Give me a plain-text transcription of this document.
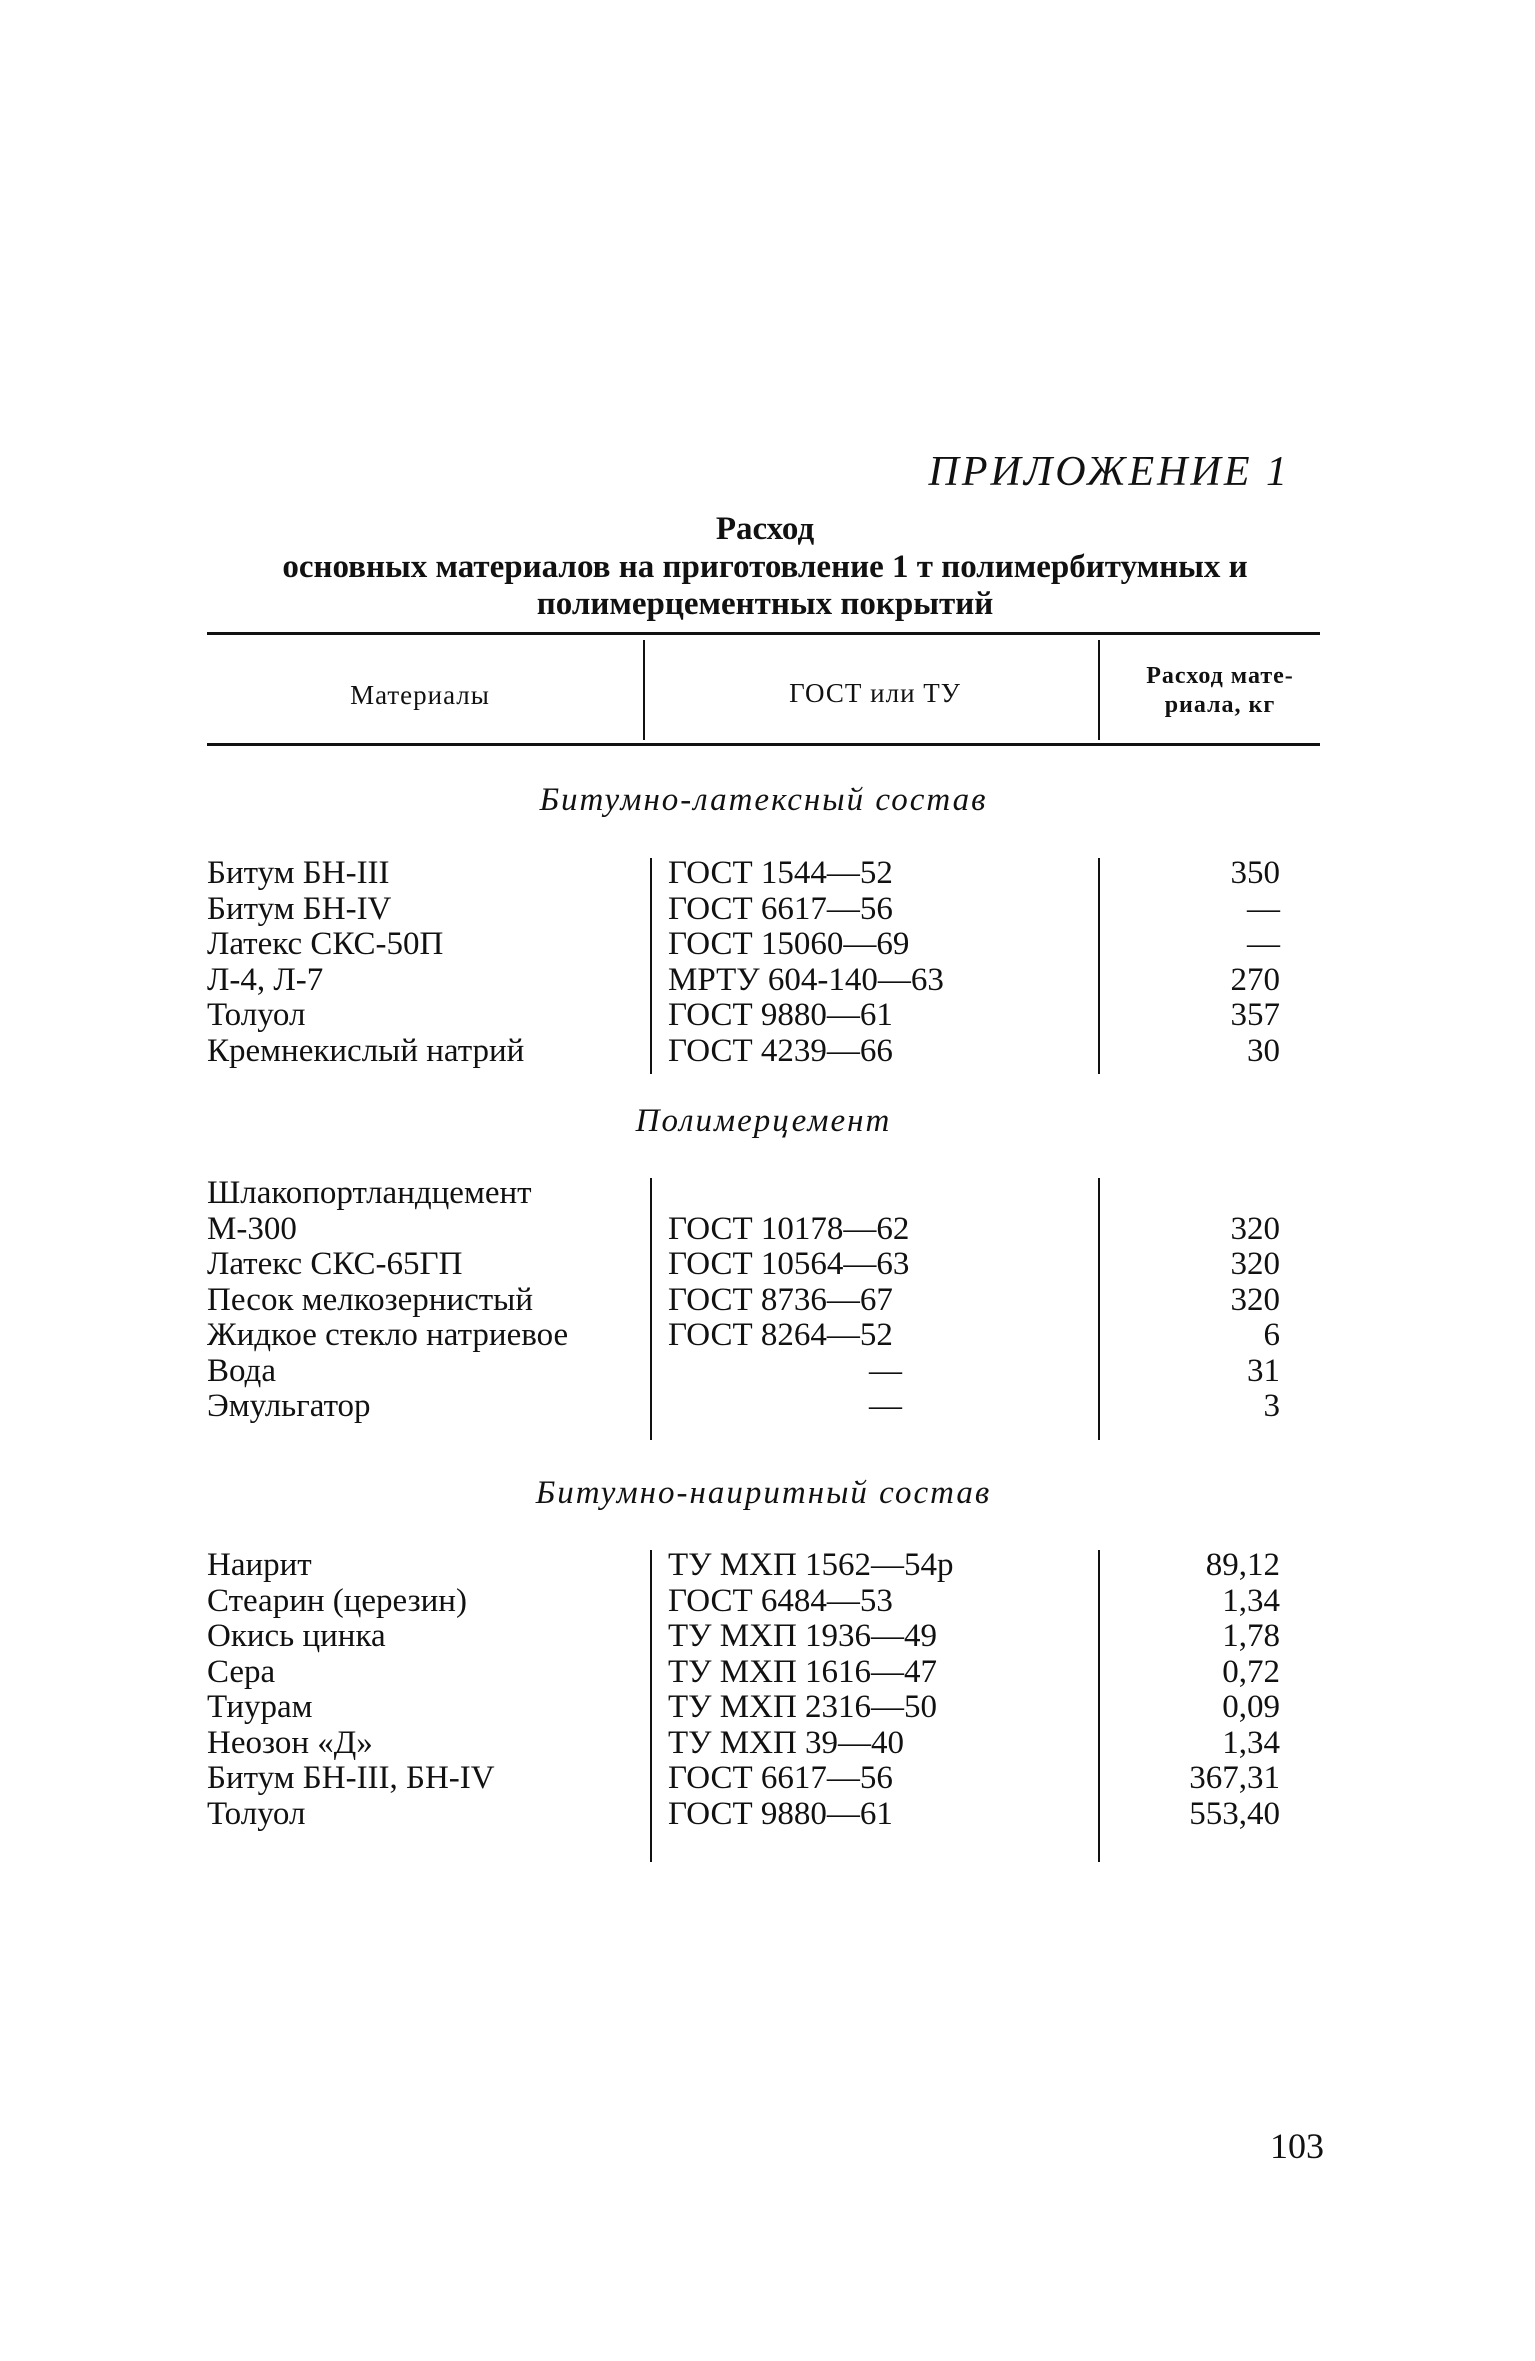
ПРИЛОЖЕНИЕ 1
Расход
основных материалов на приготовление 1 т полимербитумных и
полимерцементных покрытий
Материалы	ГОСТ или ТУ
Расход мате-
риала, кг
Битумно-латексный состав
Битум БН-III	ГОСТ 1544—52	350
Битум БН-IV	ГОСТ 6617—56	—
Латекс СКС-50П	ГОСТ 15060—69	—
Л-4, Л-7	МРТУ 604-140—63	270
Толуол	ГОСТ 9880—61	357
Кремнекислый натрий	ГОСТ 4239—66	30
Полимерцемент
Шлакопортландцемент
М-300	ГОСТ 10178—62	320
Латекс СКС-65ГП	ГОСТ 10564—63	320
Песок мелкозернистый	ГОСТ 8736—67	320
Жидкое стекло натриевое	ГОСТ 8264—52	6
Вода	—	31
Эмульгатор	—	3
Битумно-наиритный состав
Наирит	ТУ МХП 1562—54р	89,12
Стеарин (церезин)	ГОСТ 6484—53	1,34
Окись цинка	ТУ МХП 1936—49	1,78
Сера	ТУ МХП 1616—47	0,72
Тиурам	ТУ МХП 2316—50	0,09
Неозон «Д»	ТУ МХП 39—40	1,34
Битум БН-III, БН-IV	ГОСТ 6617—56	367,31
Толуол	ГОСТ 9880—61	553,40
103
